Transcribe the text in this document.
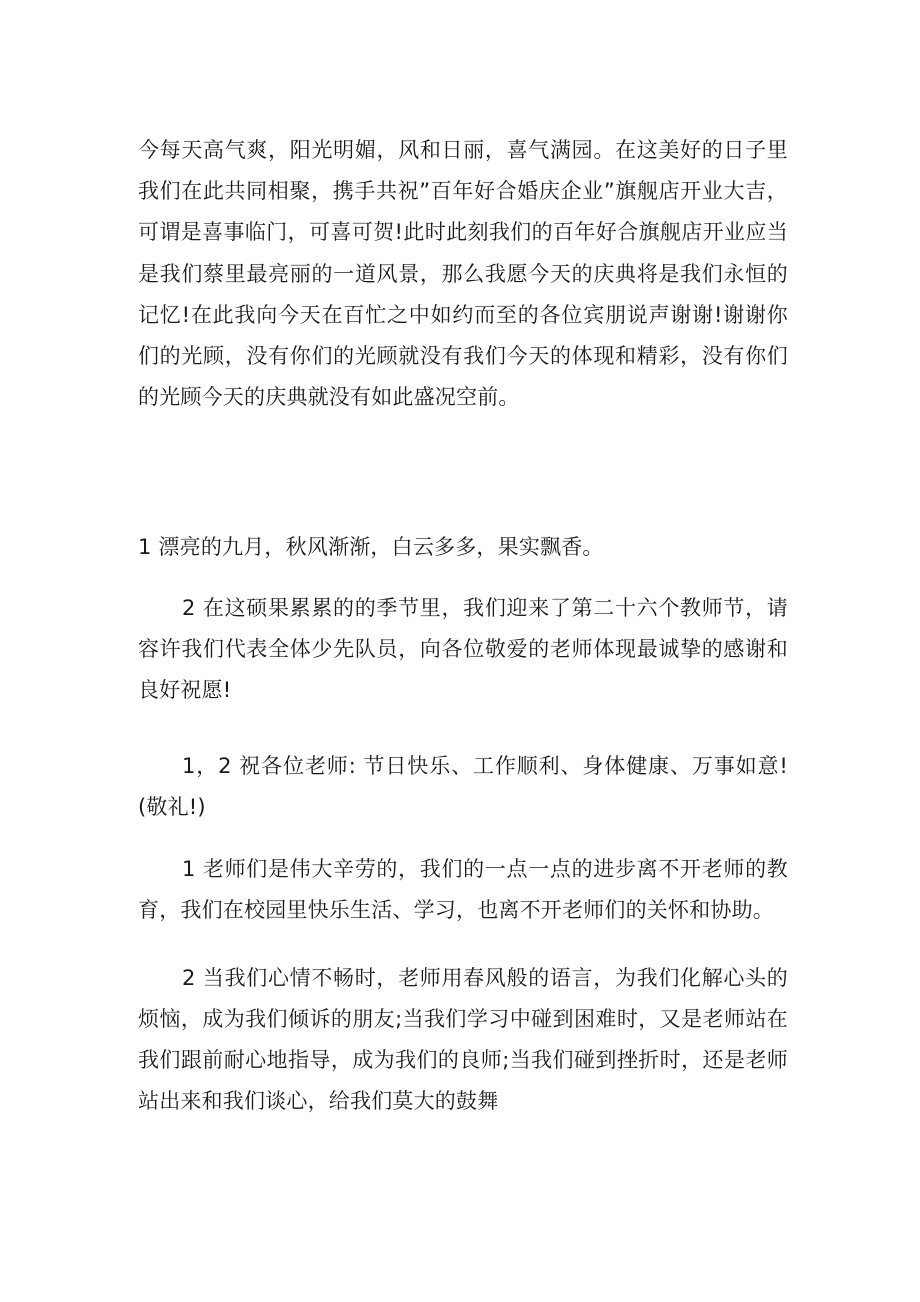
今每天高气爽，阳光明媚，风和日丽，喜气满园。在这美好的日子里我们在此共同相聚，携手共祝”百年好合婚庆企业”旗舰店开业大吉，可谓是喜事临门，可喜可贺!此时此刻我们的百年好合旗舰店开业应当是我们蔡里最亮丽的一道风景，那么我愿今天的庆典将是我们永恒的记忆!在此我向今天在百忙之中如约而至的各位宾朋说声谢谢!谢谢你们的光顾，没有你们的光顾就没有我们今天的体现和精彩，没有你们的光顾今天的庆典就没有如此盛况空前。

1 漂亮的九月，秋风渐渐，白云多多，果实飘香。

2 在这硕果累累的的季节里，我们迎来了第二十六个教师节，请容许我们代表全体少先队员，向各位敬爱的老师体现最诚挚的感谢和良好祝愿!

1，2 祝各位老师: 节日快乐、工作顺利、身体健康、万事如意!(敬礼!)

1 老师们是伟大辛劳的，我们的一点一点的进步离不开老师的教育，我们在校园里快乐生活、学习，也离不开老师们的关怀和协助。

2 当我们心情不畅时，老师用春风般的语言，为我们化解心头的烦恼，成为我们倾诉的朋友;当我们学习中碰到困难时，又是老师站在我们跟前耐心地指导，成为我们的良师;当我们碰到挫折时，还是老师站出来和我们谈心，给我们莫大的鼓舞
